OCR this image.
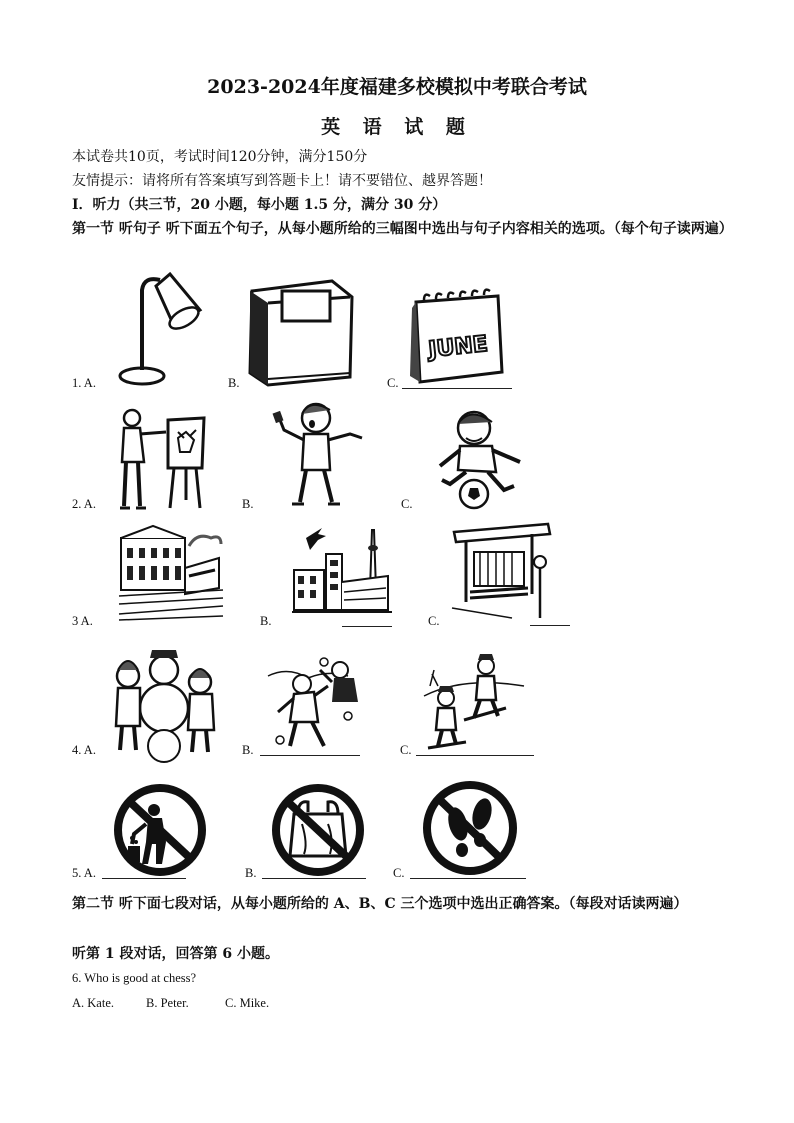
2023-2024年度福建多校模拟中考联合考试
英 语 试 题
本试卷共10页，考试时间120分钟，满分150分
友情提示：请将所有答案填写到答题卡上！请不要错位、越界答题！
Ⅰ．听力（共三节，20 小题，每小题 1.5 分，满分 30 分）
第一节 听句子 听下面五个句子，从每小题所给的三幅图中选出与句子内容相关的选项。（每个句子读两遍）
1. A.	B.	C.
JUNE
2. A.	B.	C.
3 A.	B.	C.
4. A.	B.	C.
5. A.	B.	C.
第二节 听下面七段对话，从每小题所给的 A、B、C 三个选项中选出正确答案。（每段对话读两遍）
听第 1 段对话，回答第 6 小题。
6. Who is good at chess?
A. Kate.	B. Peter.	C. Mike.
